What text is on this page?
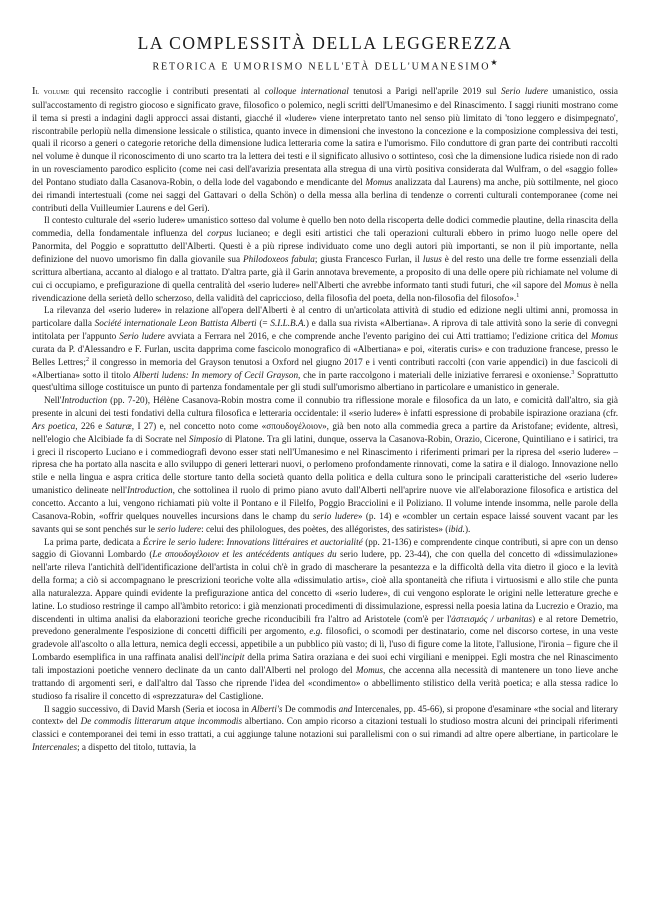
LA COMPLESSITÀ DELLA LEGGEREZZA
RETORICA E UMORISMO NELL'ETÀ DELL'UMANESIMO★

Il volume qui recensito raccoglie i contributi presentati al colloque international tenutosi a Parigi nell'aprile 2019 sul Serio ludere umanistico, ossia sull'accostamento di registro giocoso e significato grave, filosofico o polemico, negli scritti dell'Umanesimo e del Rinascimento. I saggi riuniti mostrano come il tema si presti a indagini dagli approcci assai distanti, giacché il «ludere» viene interpretato tanto nel senso più limitato di 'tono leggero e disimpegnato', riscontrabile perlopiù nella dimensione lessicale o stilistica, quanto invece in dimensioni che investono la concezione e la composizione complessiva dei testi, quali il ricorso a generi o categorie retoriche della dimensione ludica letteraria come la satira e l'umorismo. Filo conduttore di gran parte dei contributi raccolti nel volume è dunque il riconoscimento di uno scarto tra la lettera dei testi e il significato allusivo o sottinteso, così che la dimensione ludica risiede non di rado in un rovesciamento parodico esplicito (come nei casi dell'avarizia presentata alla stregua di una virtù positiva considerata dal Wulfram, o del «saggio folle» del Pontano studiato dalla Casanova-Robin, o della lode del vagabondo e mendicante del Momus analizzata dal Laurens) ma anche, più sottilmente, nel gioco dei rimandi intertestuali (come nei saggi del Gattavari o della Schön) o della messa alla berlina di tendenze o correnti culturali contemporanee (come nei contributi della Vuilleumier Laurens e del Geri).

Il contesto culturale del «serio ludere» umanistico sotteso dal volume è quello ben noto della riscoperta delle dodici commedie plautine, della rinascita della commedia, della fondamentale influenza del corpus lucianeo; e degli esiti artistici che tali operazioni culturali ebbero in primo luogo nelle opere del Panormita, del Poggio e soprattutto dell'Alberti. Questi è a più riprese individuato come uno degli autori più importanti, se non il più importante, nella definizione del nuovo umorismo fin dalla giovanile sua Philodoxeos fabula; giusta Francesco Furlan, il lusus è del resto una delle tre forme essenziali della scrittura albertiana, accanto al dialogo e al trattato. D'altra parte, già il Garin annotava brevemente, a proposito di una delle opere più richiamate nel volume di cui ci occupiamo, e prefigurazione di quella centralità del «serio ludere» nell'Alberti che avrebbe informato tanti studi futuri, che «il sapore del Momus è nella rivendicazione della serietà dello scherzoso, della validità del capriccioso, della filosofia del poeta, della non-filosofia del filosofo».$^1$

La rilevanza del «serio ludere» in relazione all'opera dell'Alberti è al centro di un'articolata attività di studio ed edizione negli ultimi anni, promossa in particolare dalla Société internationale Leon Battista Alberti (= S.I.L.B.A.) e dalla sua rivista «Albertiana». A riprova di tale attività sono la serie di convegni intitolata per l'appunto Serio ludere avviata a Ferrara nel 2016, e che comprende anche l'evento parigino dei cui Atti trattiamo; l'edizione critica del Momus curata da P. d'Alessandro e F. Furlan, uscita dapprima come fascicolo monografico di «Albertiana» e poi, «iteratis curis» e con traduzione francese, presso le Belles Lettres;$^2$ il congresso in memoria del Grayson tenutosi a Oxford nel giugno 2017 e i venti contributi raccolti (con varie appendici) in due fascicoli di «Albertiana» sotto il titolo Alberti ludens: In memory of Cecil Grayson, che in parte raccolgono i materiali delle iniziative ferraresi e oxoniense.$^3$ Soprattutto quest'ultima silloge costituisce un punto di partenza fondamentale per gli studi sull'umorismo albertiano in particolare e umanistico in generale.

Nell'Introduction (pp. 7-20), Hélène Casanova-Robin mostra come il connubio tra riflessione morale e filosofica da un lato, e comicità dall'altro, sia già presente in alcuni dei testi fondativi della cultura filosofica e letteraria occidentale: il «serio ludere» è infatti espressione di probabile ispirazione oraziana (cfr. Ars poetica, 226 e Saturæ, I 27) e, nel concetto noto come «σπουδογέλοιον», già ben noto alla commedia greca a partire da Aristofane; evidente, altresì, nell'elogio che Alcibiade fa di Socrate nel Simposio di Platone. Tra gli latini, dunque, osserva la Casanova-Robin, Orazio, Cicerone, Quintiliano e i satirici, tra i greci il riscoperto Luciano e i commediografi devono esser stati nell'Umanesimo e nel Rinascimento i riferimenti primari per la ripresa del «serio ludere» – ripresa che ha portato alla nascita e allo sviluppo di generi letterari nuovi, o perlomeno profondamente rinnovati, come la satira e il dialogo. Innovazione nello stile e nella lingua e aspra critica delle storture tanto della società quanto della politica e della cultura sono le principali caratteristiche del «serio ludere» umanistico delineate nell'Introduction, che sottolinea il ruolo di primo piano avuto dall'Alberti nell'aprire nuove vie all'elaborazione filosofica e artistica del concetto. Accanto a lui, vengono richiamati più volte il Pontano e il Filelfo, Poggio Bracciolini e il Poliziano. Il volume intende insomma, nelle parole della Casanova-Robin, «offrir quelques nouvelles incursions dans le champ du serio ludere» (p. 14) e «combler un certain espace laissé souvent vacant par les savants qui se sont penchés sur le serio ludere: celui des philologues, des poètes, des allégoristes, des satiristes» (ibid.).

La prima parte, dedicata a Écrire le serio ludere: Innovations littéraires et auctorialité (pp. 21-136) e comprendente cinque contributi, si apre con un denso saggio di Giovanni Lombardo (Le σπουδογέλοιον et les antécédents antiques du serio ludere, pp. 23-44), che con quella del concetto di «dissimulazione» nell'arte rileva l'antichità dell'identificazione dell'artista in colui ch'è in grado di mascherare la pesantezza e la difficoltà della vita dietro il gioco e la levità della forma; a ciò si accompagnano le prescrizioni teoriche volte alla «dissimulatio artis», cioè alla spontaneità che rifiuta i virtuosismi e allo stile che punta alla naturalezza. Appare quindi evidente la prefigurazione antica del concetto di «serio ludere», di cui vengono esplorate le origini nelle letterature greche e latine. Lo studioso restringe il campo all'àmbito retorico: i già menzionati procedimenti di dissimulazione, espressi nella poesia latina da Lucrezio e Orazio, ma discendenti in ultima analisi da elaborazioni teoriche greche riconducibili fra l'altro ad Aristotele (com'è per l'ἀστεισμός / urbanitas) e al retore Demetrio, prevedono generalmente l'esposizione di concetti difficili per argomento, e.g. filosofici, o scomodi per destinatario, come nel discorso cortese, in una veste gradevole all'ascolto o alla lettura, nemica degli eccessi, appetibile a un pubblico più vasto; di lì, l'uso di figure come la litote, l'allusione, l'ironia – figure che il Lombardo esemplifica in una raffinata analisi dell'incipit della prima Satira oraziana e dei suoi echi virgiliani e menippei. Egli mostra che nel Rinascimento tali impostazioni poetiche vennero declinate da un canto dall'Alberti nel prologo del Momus, che accenna alla necessità di mantenere un tono lieve anche trattando di argomenti seri, e dall'altro dal Tasso che riprende l'idea del «condimento» o abbellimento stilistico della verità poetica; e alla stessa radice lo studioso fa risalire il concetto di «sprezzatura» del Castiglione.

Il saggio successivo, di David Marsh (Seria et iocosa in Alberti's De commodis and Intercenales, pp. 45-66), si propone d'esaminare «the social and literary context» del De commodis litterarum atque incommodis albertiano. Con ampio ricorso a citazioni testuali lo studioso mostra alcuni dei principali riferimenti classici e contemporanei dei temi in esso trattati, a cui aggiunge talune notazioni sui parallelismi con o sui rimandi ad altre opere albertiane, in particolare le Intercenales; a dispetto del titolo, tuttavia, la
